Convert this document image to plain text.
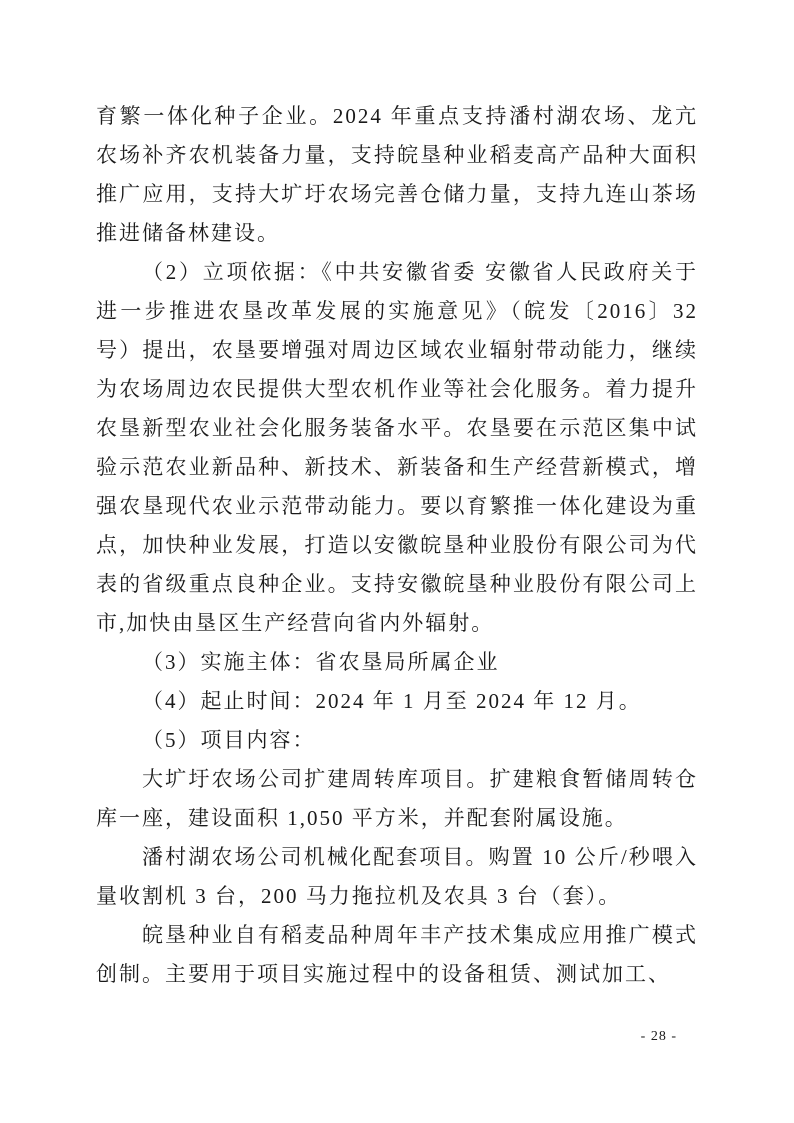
育繁一体化种子企业。2024 年重点支持潘村湖农场、龙亢农场补齐农机装备力量，支持皖垦种业稻麦高产品种大面积推广应用，支持大圹圩农场完善仓储力量，支持九连山茶场推进储备林建设。

（2）立项依据：《中共安徽省委 安徽省人民政府关于进一步推进农垦改革发展的实施意见》（皖发〔2016〕32 号）提出，农垦要增强对周边区域农业辐射带动能力，继续为农场周边农民提供大型农机作业等社会化服务。着力提升农垦新型农业社会化服务装备水平。农垦要在示范区集中试验示范农业新品种、新技术、新装备和生产经营新模式，增强农垦现代农业示范带动能力。要以育繁推一体化建设为重点，加快种业发展，打造以安徽皖垦种业股份有限公司为代表的省级重点良种企业。支持安徽皖垦种业股份有限公司上市,加快由垦区生产经营向省内外辐射。

（3）实施主体：省农垦局所属企业

（4）起止时间：2024 年 1 月至 2024 年 12 月。

（5）项目内容：

大圹圩农场公司扩建周转库项目。扩建粮食暂储周转仓库一座，建设面积 1,050 平方米，并配套附属设施。

潘村湖农场公司机械化配套项目。购置 10 公斤/秒喂入量收割机 3 台，200 马力拖拉机及农具 3 台（套）。

皖垦种业自有稻麦品种周年丰产技术集成应用推广模式创制。主要用于项目实施过程中的设备租赁、测试加工、

- 28 -
